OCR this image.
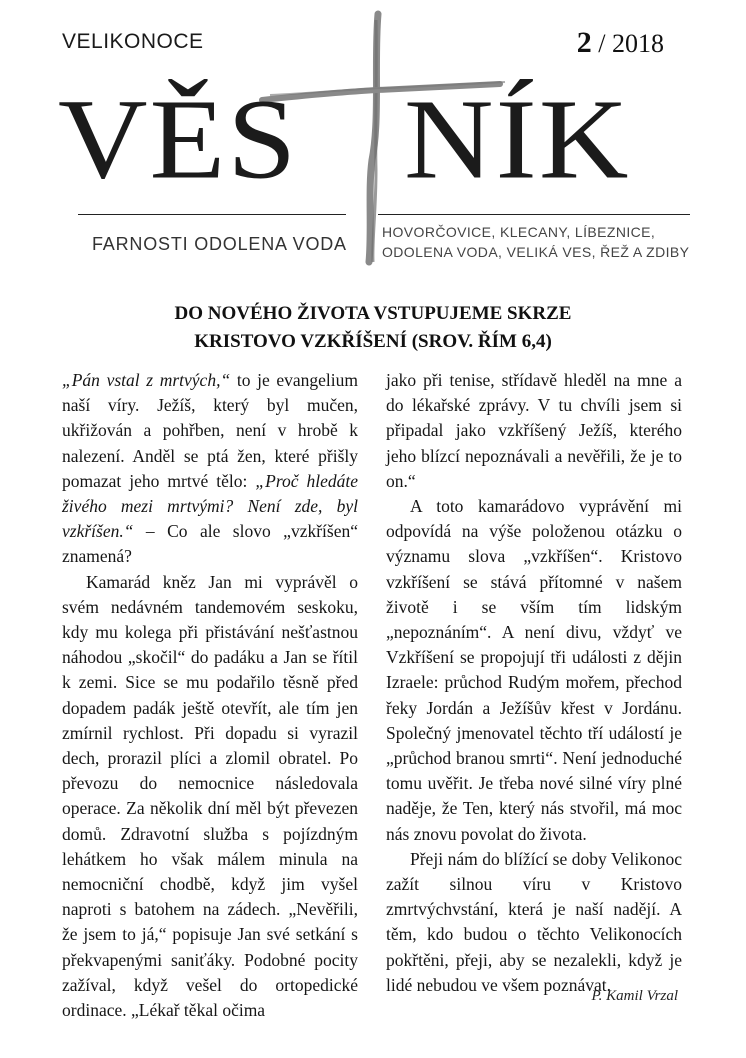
VELIKONOCE	2 / 2018
VĚS NÍK
FARNOSTI ODOLENA VODA
HOVORČOVICE, KLECANY, LÍBEZNICE,
ODOLENA VODA, VELIKÁ VES, ŘEŽ A ZDIBY
DO NOVÉHO ŽIVOTA VSTUPUJEME SKRZE
KRISTOVO VZKŘÍŠENÍ (SROV. ŘÍM 6,4)

„Pán vstal z mrtvých,“ to je evangelium naší víry. Ježíš, který byl mučen, ukřižován a pohřben, není v hrobě k nalezení. Anděl se ptá žen, které přišly pomazat jeho mrtvé tělo: „Proč hledáte živého mezi mrtvými? Není zde, byl vzkříšen.“ – Co ale slovo „vzkříšen“ znamená?

Kamarád kněz Jan mi vyprávěl o svém nedávném tandemovém seskoku, kdy mu kolega při přistávání nešťastnou náhodou „skočil“ do padáku a Jan se řítil k zemi. Sice se mu podařilo těsně před dopadem padák ještě otevřít, ale tím jen zmírnil rychlost. Při dopadu si vyrazil dech, prorazil plíci a zlomil obratel. Po převozu do nemocnice následovala operace. Za několik dní měl být převezen domů. Zdravotní služba s pojízdným lehátkem ho však málem minula na nemocniční chodbě, když jim vyšel naproti s batohem na zádech. „Nevěřili, že jsem to já,“ popisuje Jan své setkání s překvapenými saniťáky. Podobné pocity zažíval, když vešel do ortopedické ordinace. „Lékař těkal očima

jako při tenise, střídavě hleděl na mne a do lékařské zprávy. V tu chvíli jsem si připadal jako vzkříšený Ježíš, kterého jeho blízcí nepoznávali a nevěřili, že je to on.“

A toto kamarádovo vyprávění mi odpovídá na výše položenou otázku o významu slova „vzkříšen“. Kristovo vzkříšení se stává přítomné v našem životě i se vším tím lidským „nepoznáním“. A není divu, vždyť ve Vzkříšení se propojují tři události z dějin Izraele: průchod Rudým mořem, přechod řeky Jordán a Ježíšův křest v Jordánu. Společný jmenovatel těchto tří událostí je „průchod branou smrti“. Není jednoduché tomu uvěřit. Je třeba nové silné víry plné naděje, že Ten, který nás stvořil, má moc nás znovu povolat do života.

Přeji nám do blížící se doby Velikonoc zažít silnou víru v Kristovo zmrtvýchvstání, která je naší nadějí. A těm, kdo budou o těchto Velikonocích pokřtěni, přeji, aby se nezalekli, když je lidé nebudou ve všem poznávat.

P. Kamil Vrzal
